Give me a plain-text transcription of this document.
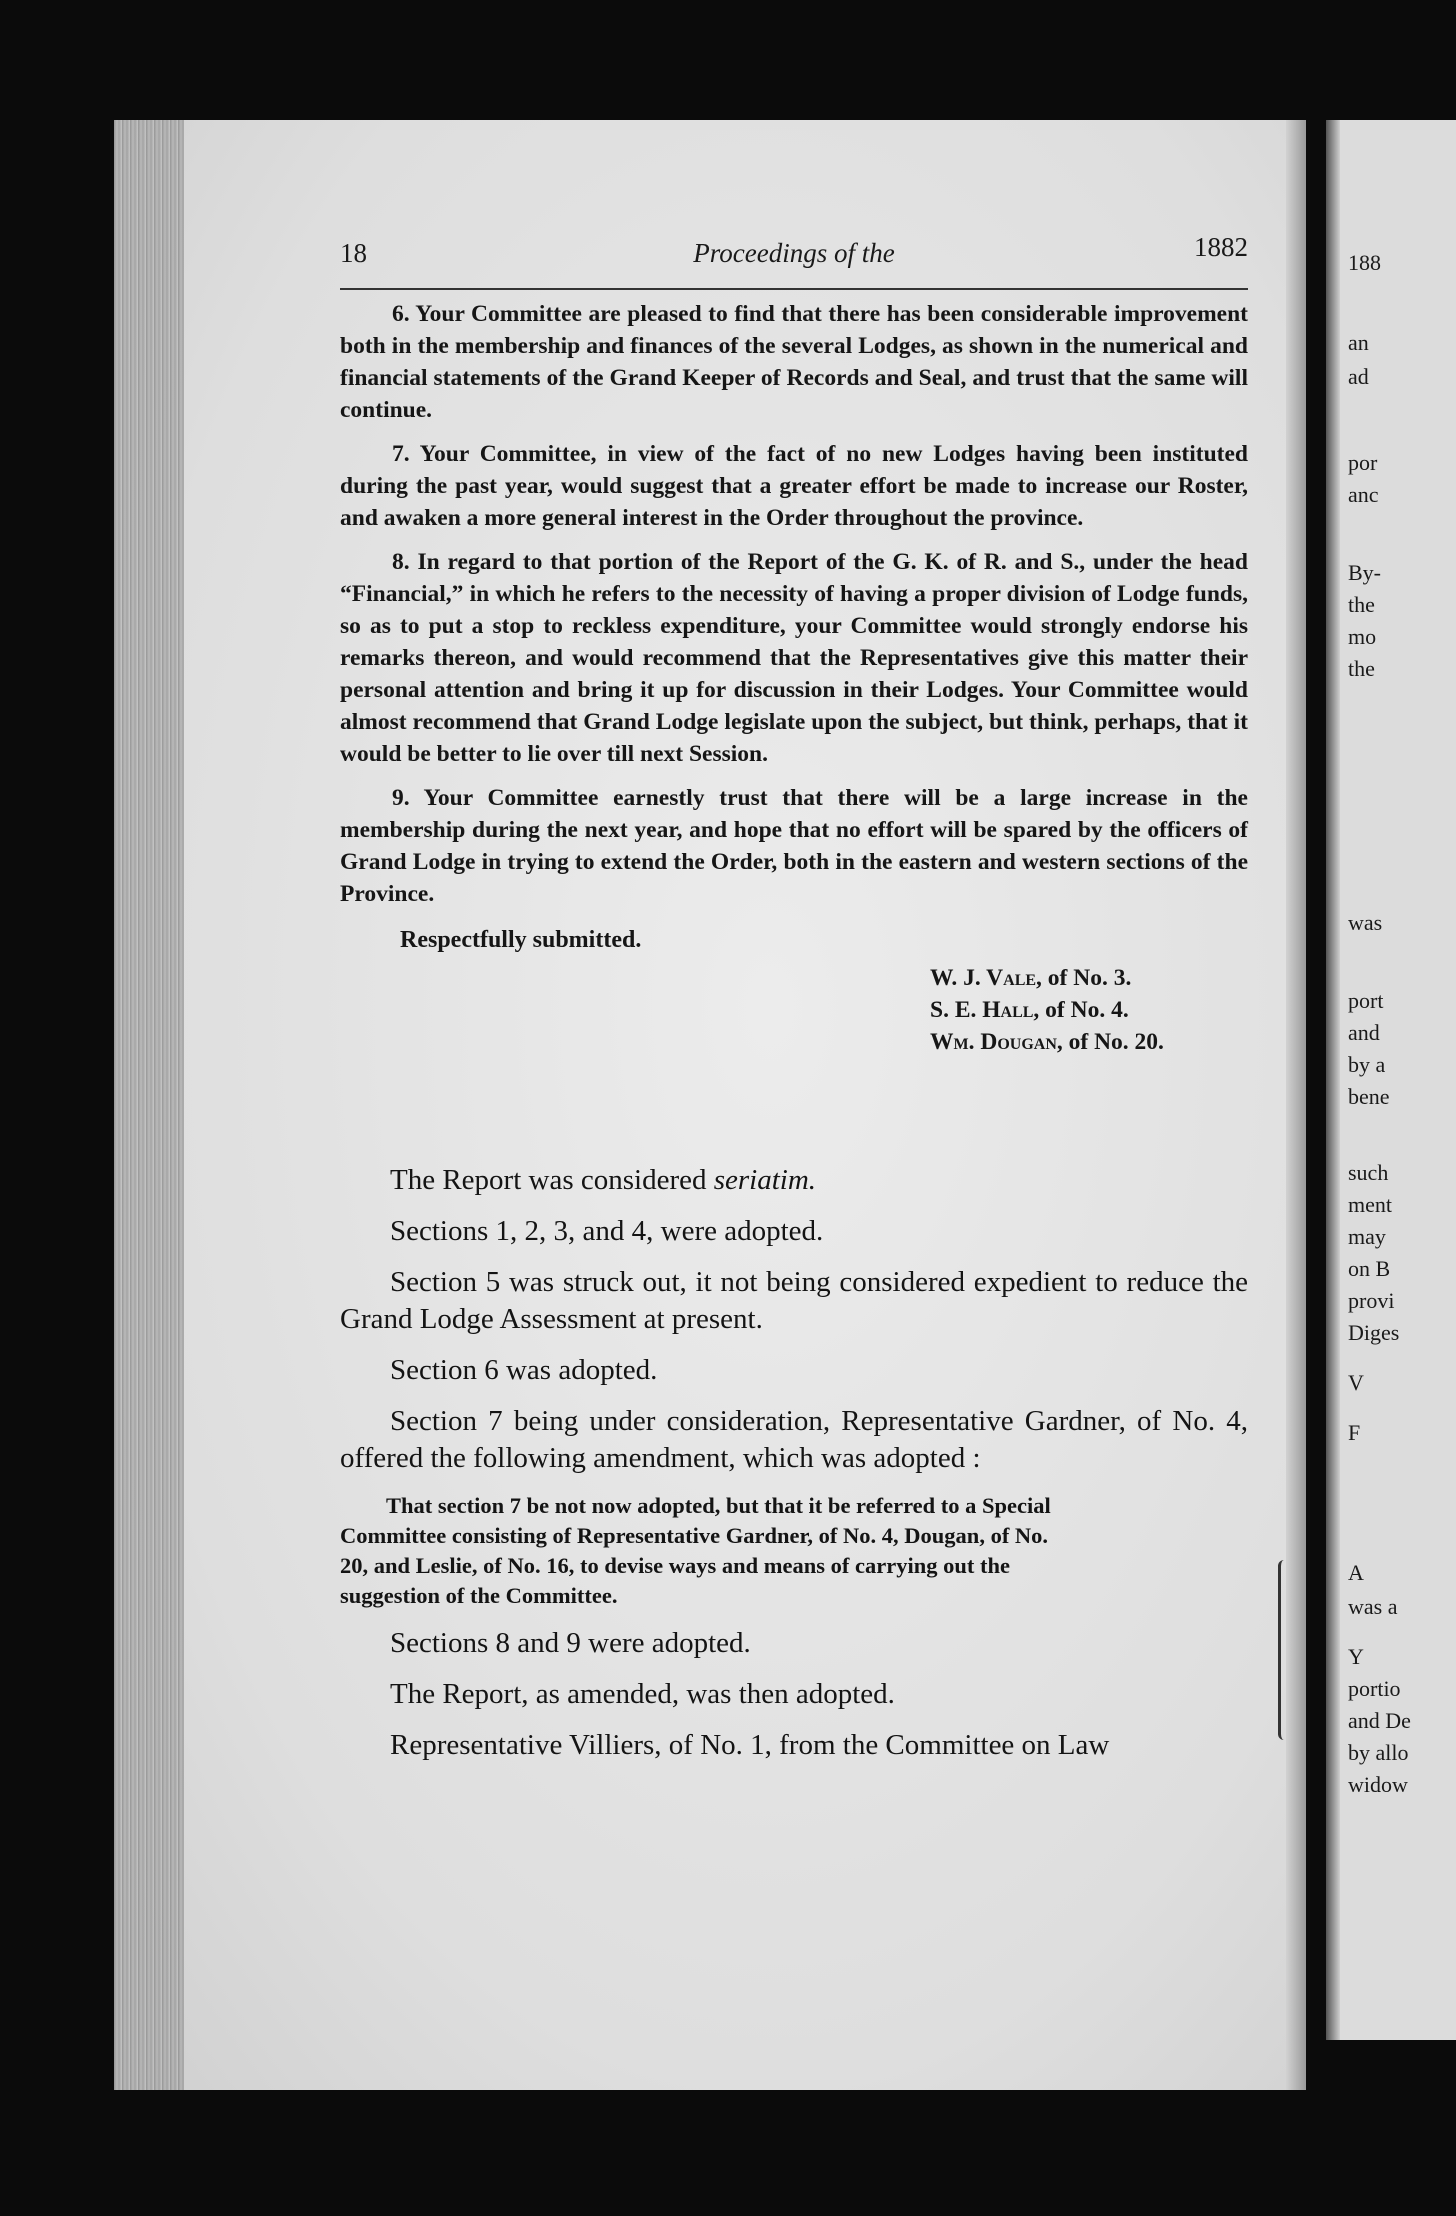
18	Proceedings of the	1882

6. Your Committee are pleased to find that there has been considerable improvement both in the membership and finances of the several Lodges, as shown in the numerical and financial statements of the Grand Keeper of Records and Seal, and trust that the same will continue.

7. Your Committee, in view of the fact of no new Lodges having been instituted during the past year, would suggest that a greater effort be made to increase our Roster, and awaken a more general interest in the Order throughout the province.

8. In regard to that portion of the Report of the G. K. of R. and S., under the head “Financial,” in which he refers to the necessity of having a proper division of Lodge funds, so as to put a stop to reckless expenditure, your Committee would strongly endorse his remarks thereon, and would recommend that the Representatives give this matter their personal attention and bring it up for discussion in their Lodges. Your Committee would almost recommend that Grand Lodge legislate upon the subject, but think, perhaps, that it would be better to lie over till next Session.

9. Your Committee earnestly trust that there will be a large increase in the membership during the next year, and hope that no effort will be spared by the officers of Grand Lodge in trying to extend the Order, both in the eastern and western sections of the Province.

Respectfully submitted.
W. J. Vale, of No. 3.
S. E. Hall, of No. 4.
Wm. Dougan, of No. 20.

The Report was considered seriatim.

Sections 1, 2, 3, and 4, were adopted.

Section 5 was struck out, it not being considered expedient to reduce the Grand Lodge Assessment at present.

Section 6 was adopted.

Section 7 being under consideration, Representative Gardner, of No. 4, offered the following amendment, which was adopted :

That section 7 be not now adopted, but that it be referred to a Special
Committee consisting of Representative Gardner, of No. 4, Dougan, of No.
20, and Leslie, of No. 16, to devise ways and means of carrying out the
suggestion of the Committee.

Sections 8 and 9 were adopted.

The Report, as amended, was then adopted.

Representative Villiers, of No. 1, from the Committee on Law

188
an
ad
por
anc
By-
the
mo
the
was
port
and
by a
bene
such
ment
may
on B
provi
Diges
V
F
A
was a
Y
portio
and De
by allo
widow
